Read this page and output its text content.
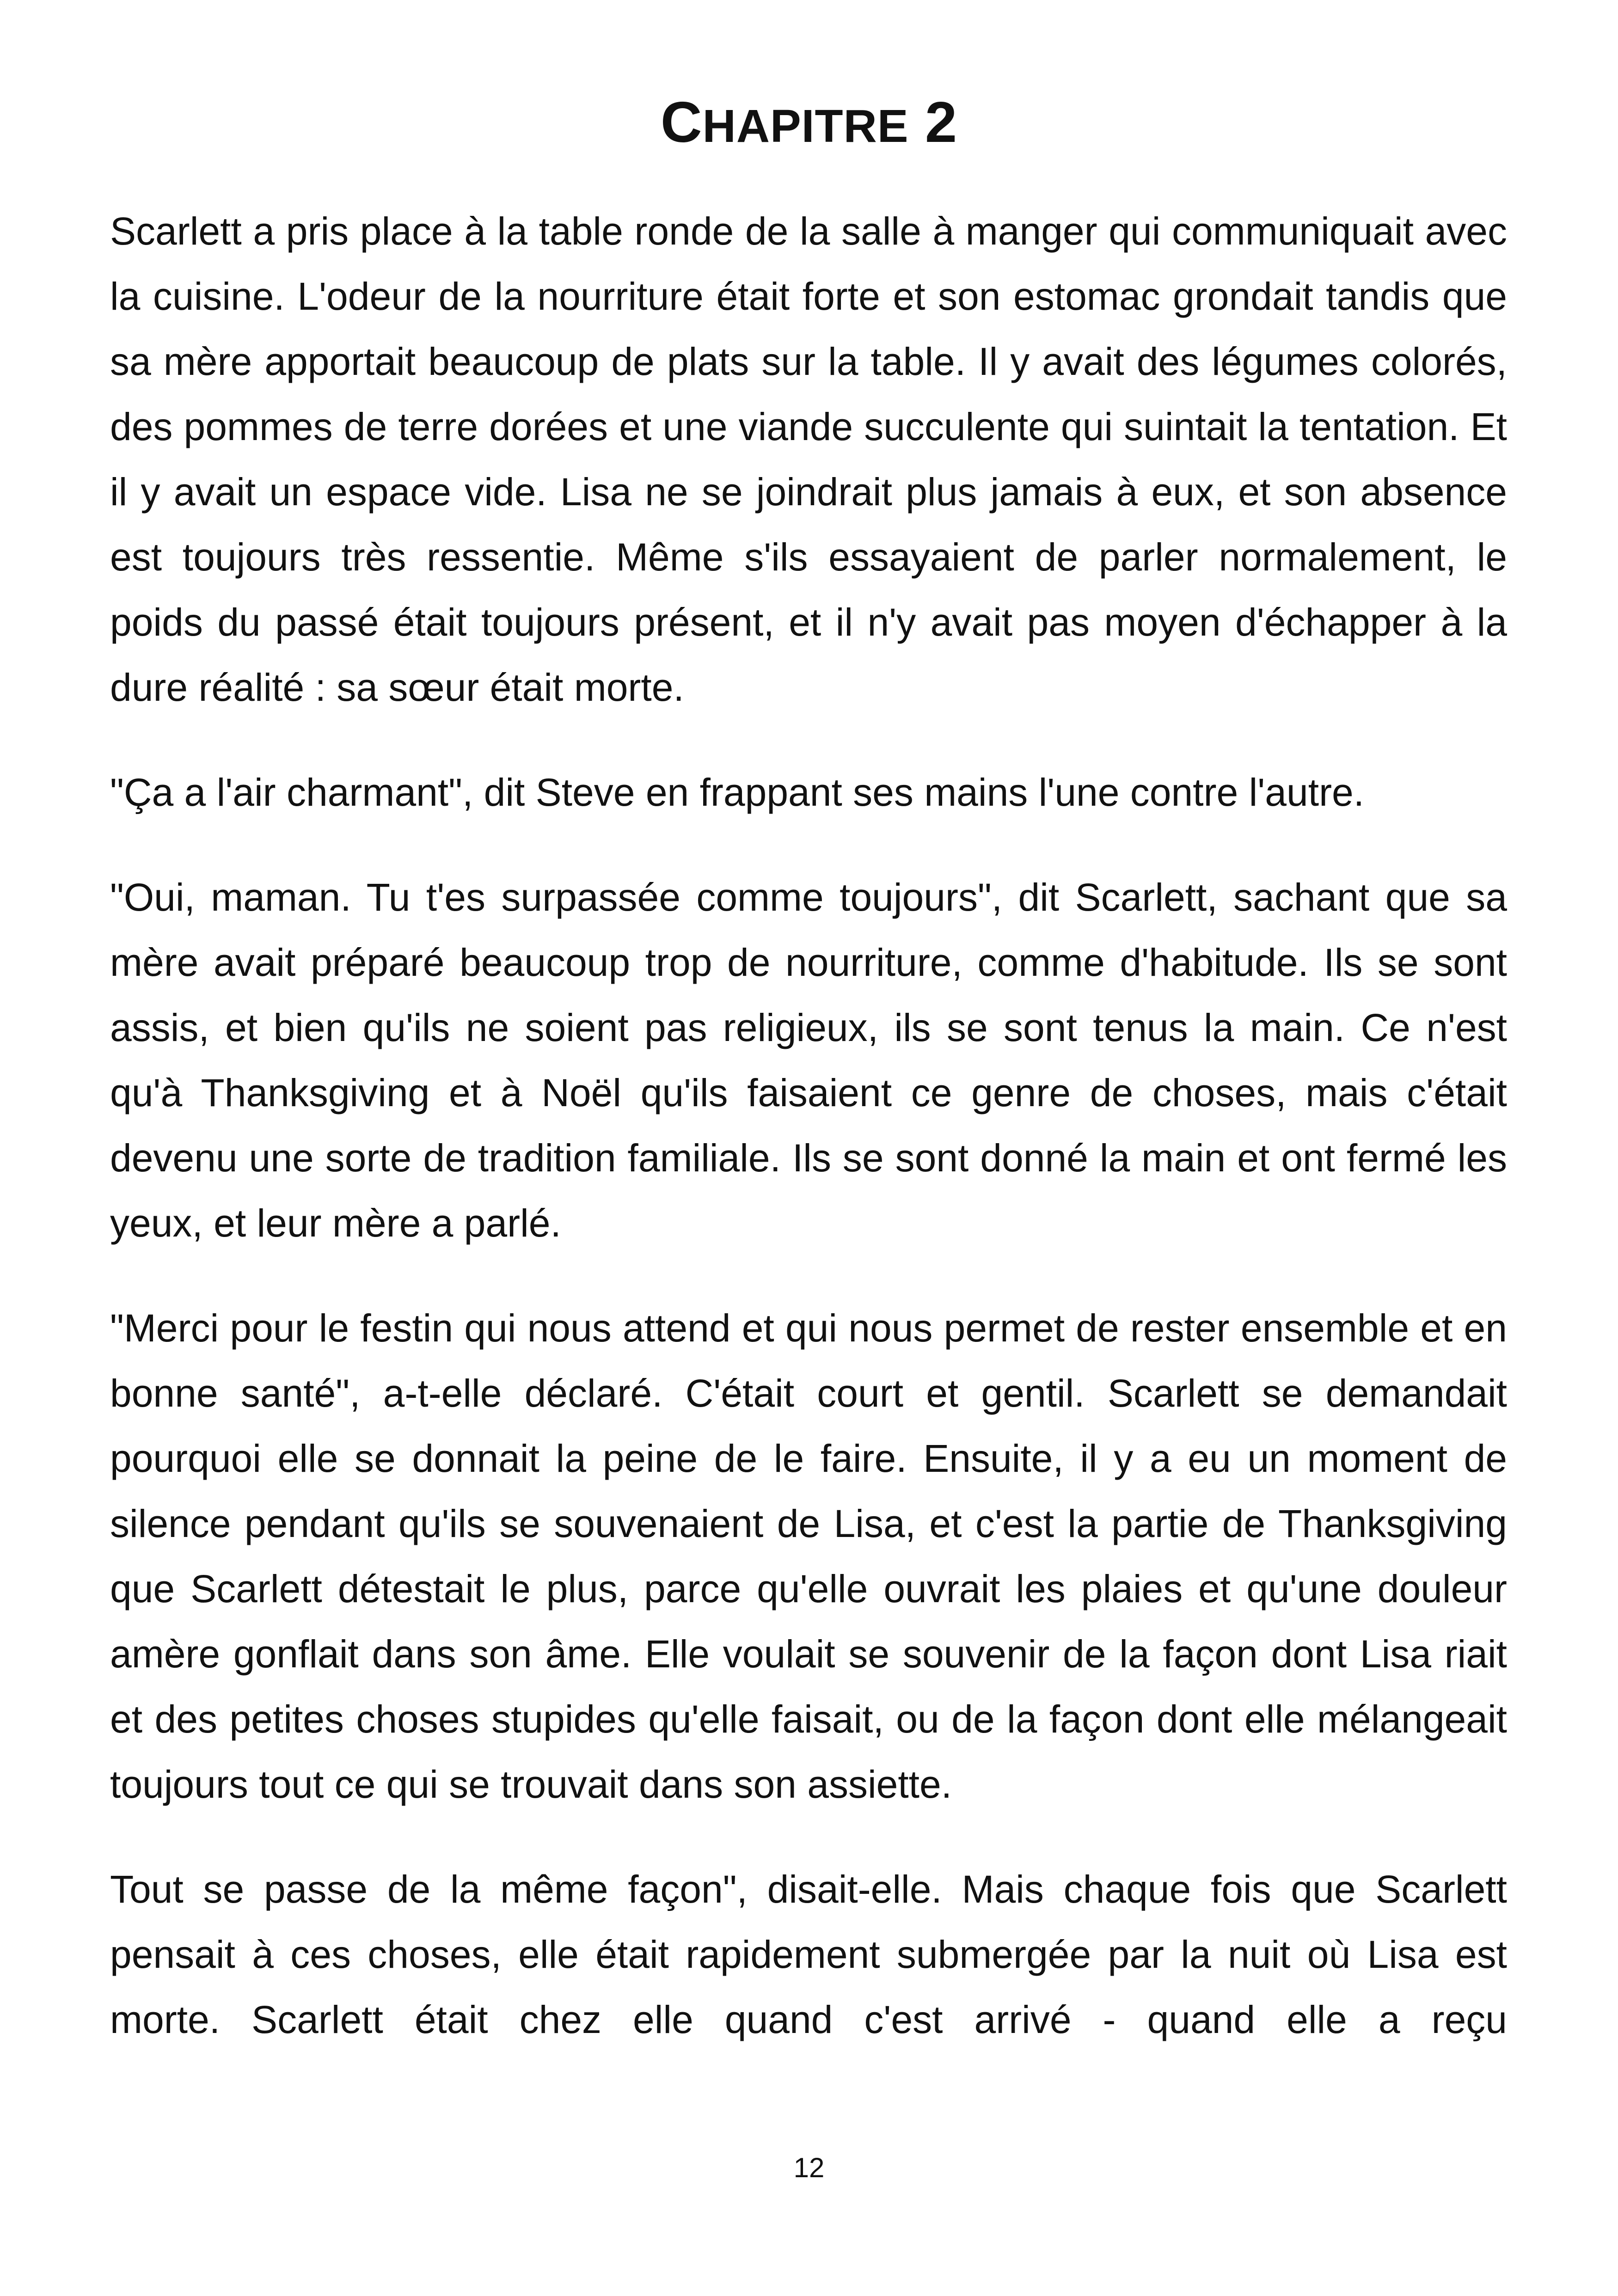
CHAPITRE 2

Scarlett a pris place à la table ronde de la salle à manger qui communiquait avec la cuisine. L'odeur de la nourriture était forte et son estomac grondait tandis que sa mère apportait beaucoup de plats sur la table. Il y avait des légumes colorés, des pommes de terre dorées et une viande succulente qui suintait la tentation. Et il y avait un espace vide. Lisa ne se joindrait plus jamais à eux, et son absence est toujours très ressentie. Même s'ils essayaient de parler normalement, le poids du passé était toujours présent, et il n'y avait pas moyen d'échapper à la dure réalité : sa sœur était morte.

"Ça a l'air charmant", dit Steve en frappant ses mains l'une contre l'autre.

"Oui, maman. Tu t'es surpassée comme toujours", dit Scarlett, sachant que sa mère avait préparé beaucoup trop de nourriture, comme d'habitude. Ils se sont assis, et bien qu'ils ne soient pas religieux, ils se sont tenus la main. Ce n'est qu'à Thanksgiving et à Noël qu'ils faisaient ce genre de choses, mais c'était devenu une sorte de tradition familiale. Ils se sont donné la main et ont fermé les yeux, et leur mère a parlé.

"Merci pour le festin qui nous attend et qui nous permet de rester ensemble et en bonne santé", a-t-elle déclaré. C'était court et gentil. Scarlett se demandait pourquoi elle se donnait la peine de le faire. Ensuite, il y a eu un moment de silence pendant qu'ils se souvenaient de Lisa, et c'est la partie de Thanksgiving que Scarlett détestait le plus, parce qu'elle ouvrait les plaies et qu'une douleur amère gonflait dans son âme. Elle voulait se souvenir de la façon dont Lisa riait et des petites choses stupides qu'elle faisait, ou de la façon dont elle mélangeait toujours tout ce qui se trouvait dans son assiette.

Tout se passe de la même façon", disait-elle. Mais chaque fois que Scarlett pensait à ces choses, elle était rapidement submergée par la nuit où Lisa est morte. Scarlett était chez elle quand c'est arrivé - quand elle a reçu

12
